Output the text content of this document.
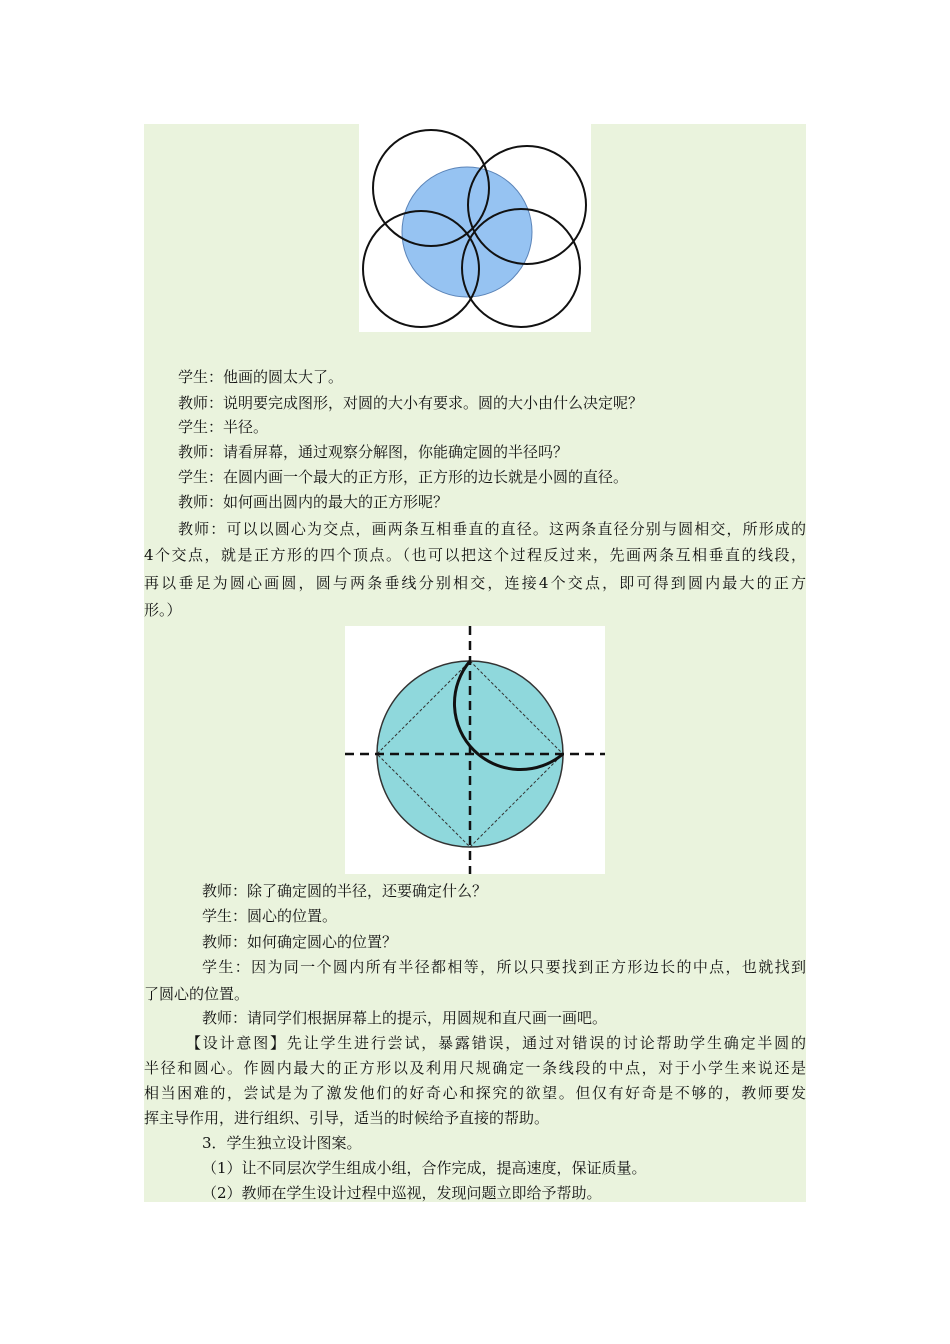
学生：他画的圆太大了。
教师：说明要完成图形，对圆的大小有要求。圆的大小由什么决定呢？
学生：半径。
教师：请看屏幕，通过观察分解图，你能确定圆的半径吗？
学生：在圆内画一个最大的正方形，正方形的边长就是小圆的直径。
教师：如何画出圆内的最大的正方形呢？
教师：可以以圆心为交点，画两条互相垂直的直径。这两条直径分别与圆相交，所形成的
4个交点，就是正方形的四个顶点。（也可以把这个过程反过来，先画两条互相垂直的线段，
再以垂足为圆心画圆，圆与两条垂线分别相交，连接4个交点，即可得到圆内最大的正方
形。）
教师：除了确定圆的半径，还要确定什么？
学生：圆心的位置。
教师：如何确定圆心的位置？
学生：因为同一个圆内所有半径都相等，所以只要找到正方形边长的中点，也就找到
了圆心的位置。
教师：请同学们根据屏幕上的提示，用圆规和直尺画一画吧。
【设计意图】先让学生进行尝试，暴露错误，通过对错误的讨论帮助学生确定半圆的
半径和圆心。作圆内最大的正方形以及利用尺规确定一条线段的中点，对于小学生来说还是
相当困难的，尝试是为了激发他们的好奇心和探究的欲望。但仅有好奇是不够的，教师要发
挥主导作用，进行组织、引导，适当的时候给予直接的帮助。
3．学生独立设计图案。
（1）让不同层次学生组成小组，合作完成，提高速度，保证质量。
（2）教师在学生设计过程中巡视，发现问题立即给予帮助。
